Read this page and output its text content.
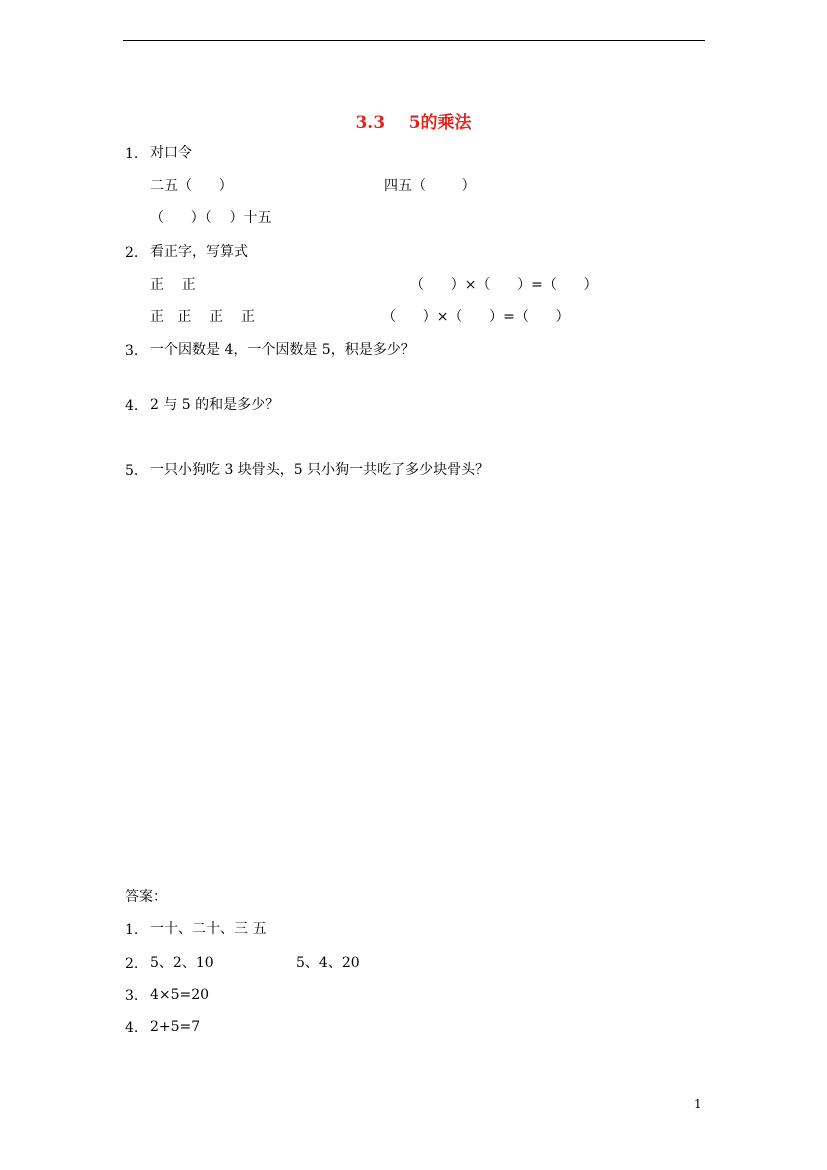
3.3    5的乘法
1. 对口令
二五（      ）	四五（        ）
（      ）（    ）十五
2. 看正字，写算式
正    正	（      ）×（      ）=（      ）
正   正    正    正	（      ）×（      ）=（      ）
3. 一个因数是 4，一个因数是 5，积是多少？
4. 2 与 5 的和是多少？
5. 一只小狗吃 3 块骨头，5 只小狗一共吃了多少块骨头？
答案：
1. 一十、二十、三 五
2. 5、2、10	5、4、20
3. 4×5=20
4. 2+5=7
1
